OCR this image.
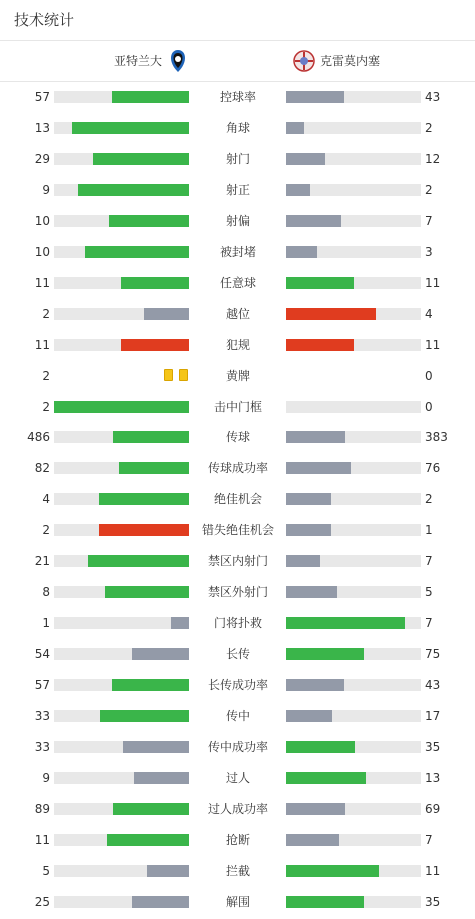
技术统计
亚特兰大	克雷莫内塞
57	控球率	43
13	角球	2
29	射门	12
9	射正	2
10	射偏	7
10	被封堵	3
11	任意球	11
2	越位	4
11	犯规	11
2	黄牌	0
2	击中门框	0
486	传球	383
82	传球成功率	76
4	绝佳机会	2
2	错失绝佳机会	1
21	禁区内射门	7
8	禁区外射门	5
1	门将扑救	7
54	长传	75
57	长传成功率	43
33	传中	17
33	传中成功率	35
9	过人	13
89	过人成功率	69
11	抢断	7
5	拦截	11
25	解围	35
